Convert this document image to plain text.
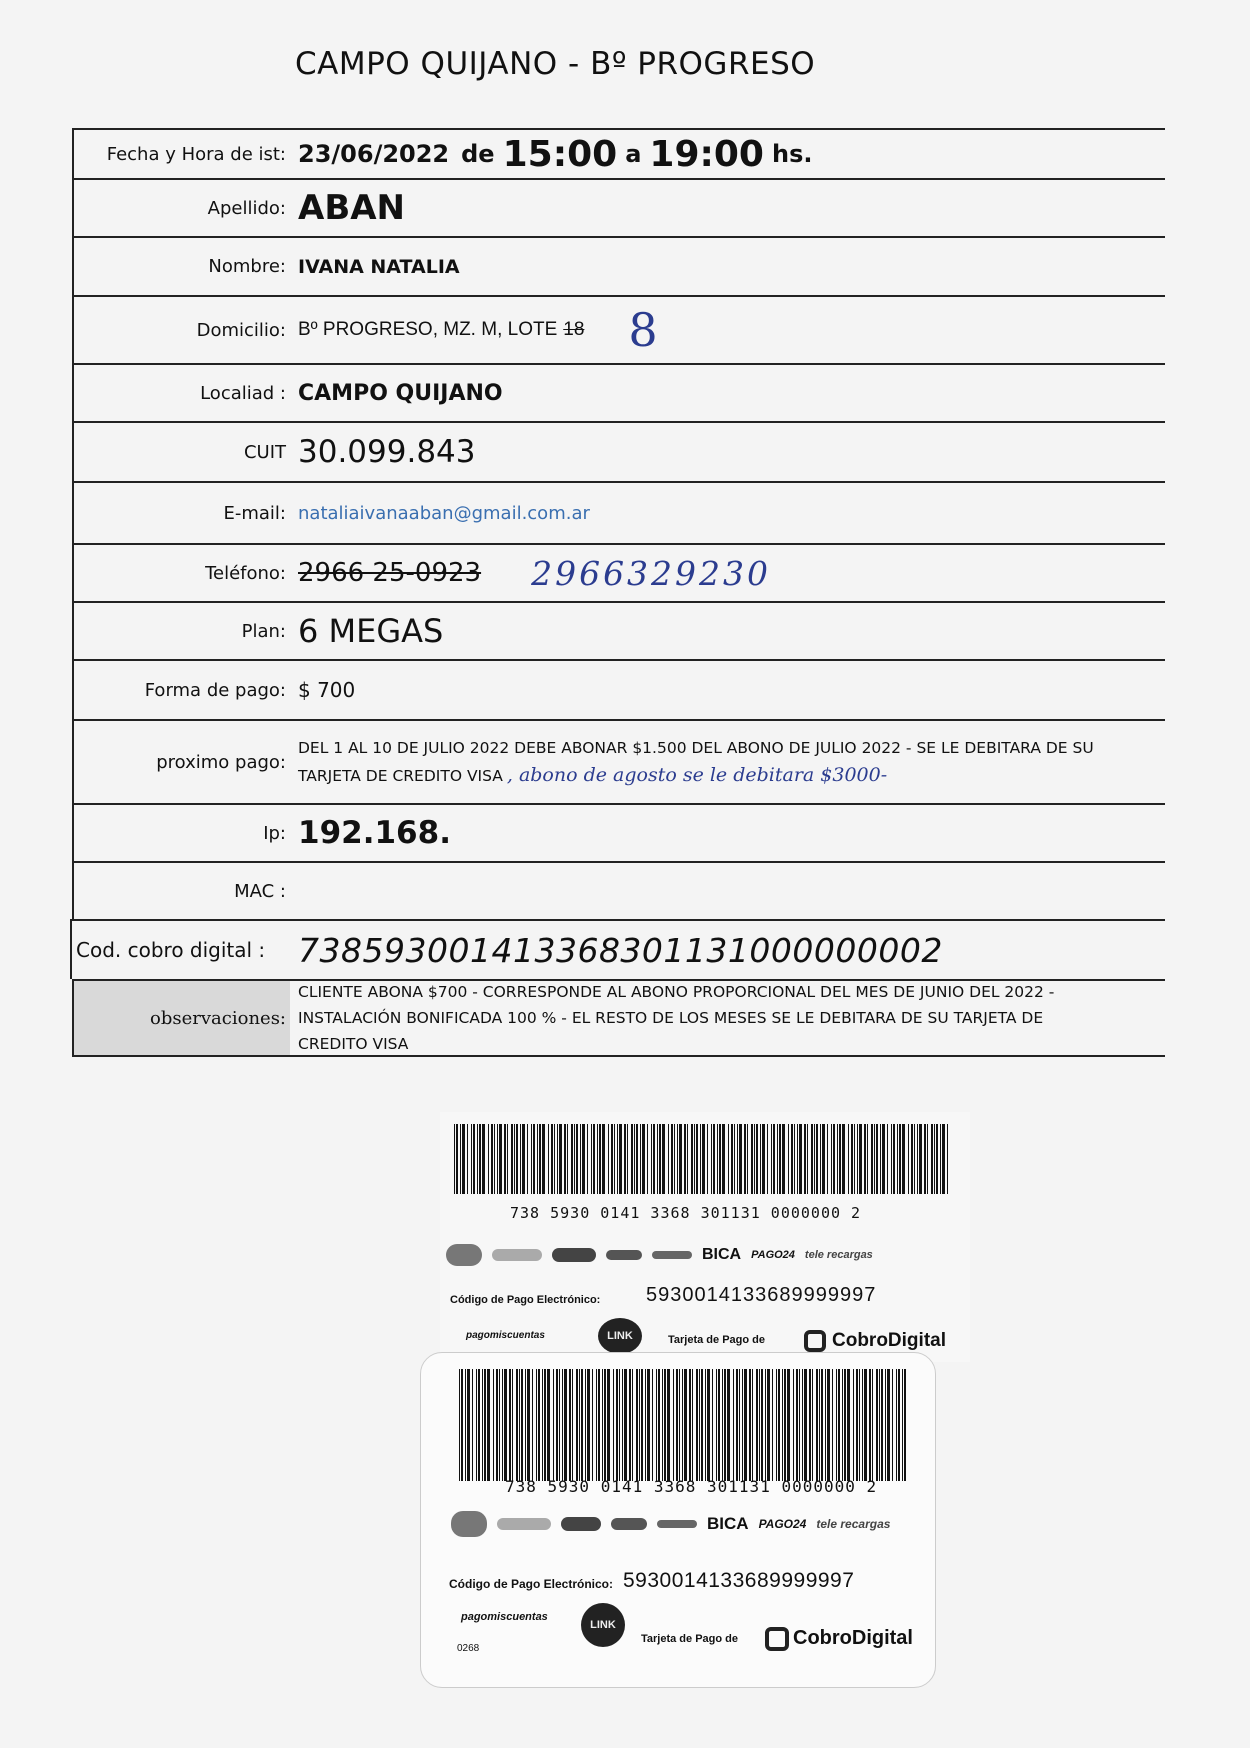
CAMPO QUIJANO - Bº PROGRESO
Fecha y Hora de ist: 23/06/2022 de 15:00 a 19:00 hs.
Apellido: ABAN
Nombre: IVANA NATALIA
Domicilio: Bº PROGRESO, MZ. M, LOTE 18 8
Localiad : CAMPO QUIJANO
CUIT 30.099.843
E-mail: nataliaivanaaban@gmail.com.ar
Teléfono: 2966 25-0923 2966329230
Plan: 6 MEGAS
Forma de pago: $ 700
proximo pago:
DEL 1 AL 10 DE JULIO 2022 DEBE ABONAR $1.500 DEL ABONO DE JULIO 2022 - SE LE DEBITARA DE SU
TARJETA DE CREDITO VISA , abono de agosto se le debitara $3000-
Ip: 192.168.
MAC :
Cod. cobro digital : 738593001413368301131000000002
observaciones:
CLIENTE ABONA $700 - CORRESPONDE AL ABONO PROPORCIONAL DEL MES DE JUNIO DEL 2022 -
INSTALACIÓN BONIFICADA 100 % - EL RESTO DE LOS MESES SE LE DEBITARA DE SU TARJETA DE
CREDITO VISA
738 5930 0141 3368 301131 0000000 2
BICA PAGO24 tele recargas
Código de Pago Electrónico: 5930014133689999997
pagomiscuentas	LINK	Tarjeta de Pago de	CobroDigital
738 5930 0141 3368 301131 0000000 2
BICA PAGO24 tele recargas
Código de Pago Electrónico: 5930014133689999997
pagomiscuentas
LINK
Tarjeta de Pago de	CobroDigital
0268
